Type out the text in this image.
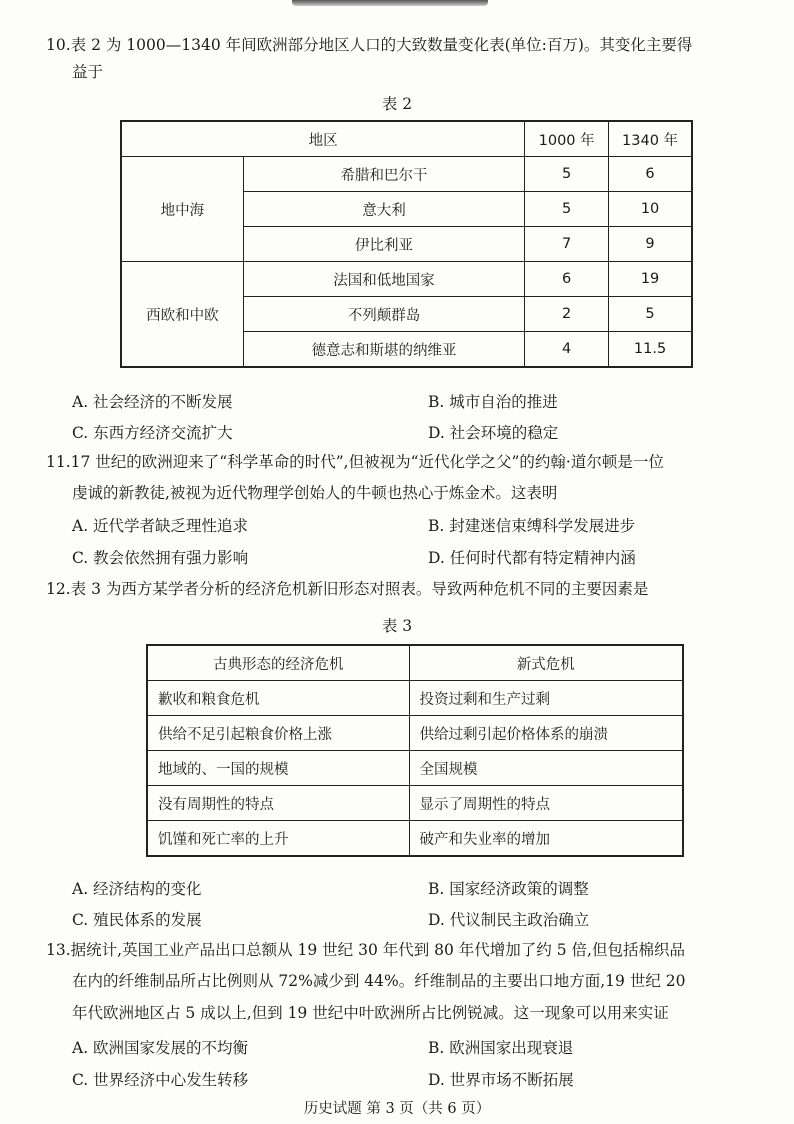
10.表 2 为 1000—1340 年间欧洲部分地区人口的大致数量变化表(单位:百万)。其变化主要得
益于
表 2
地区		1000 年	1340 年
地中海	希腊和巴尔干	5	6
	意大利	5	10
	伊比利亚	7	9
西欧和中欧	法国和低地国家	6	19
	不列颠群岛	2	5
	德意志和斯堪的纳维亚	4	11.5
A. 社会经济的不断发展	B. 城市自治的推进
C. 东西方经济交流扩大	D. 社会环境的稳定
11.17 世纪的欧洲迎来了“科学革命的时代”,但被视为“近代化学之父”的约翰·道尔顿是一位
虔诚的新教徒,被视为近代物理学创始人的牛顿也热心于炼金术。这表明
A. 近代学者缺乏理性追求	B. 封建迷信束缚科学发展进步
C. 教会依然拥有强力影响	D. 任何时代都有特定精神内涵
12.表 3 为西方某学者分析的经济危机新旧形态对照表。导致两种危机不同的主要因素是
表 3
古典形态的经济危机	新式危机
歉收和粮食危机	投资过剩和生产过剩
供给不足引起粮食价格上涨	供给过剩引起价格体系的崩溃
地域的、一国的规模	全国规模
没有周期性的特点	显示了周期性的特点
饥馑和死亡率的上升	破产和失业率的增加
A. 经济结构的变化	B. 国家经济政策的调整
C. 殖民体系的发展	D. 代议制民主政治确立
13.据统计,英国工业产品出口总额从 19 世纪 30 年代到 80 年代增加了约 5 倍,但包括棉织品
在内的纤维制品所占比例则从 72%减少到 44%。纤维制品的主要出口地方面,19 世纪 20
年代欧洲地区占 5 成以上,但到 19 世纪中叶欧洲所占比例锐减。这一现象可以用来实证
A. 欧洲国家发展的不均衡	B. 欧洲国家出现衰退
C. 世界经济中心发生转移	D. 世界市场不断拓展
历史试题 第 3 页（共 6 页）
